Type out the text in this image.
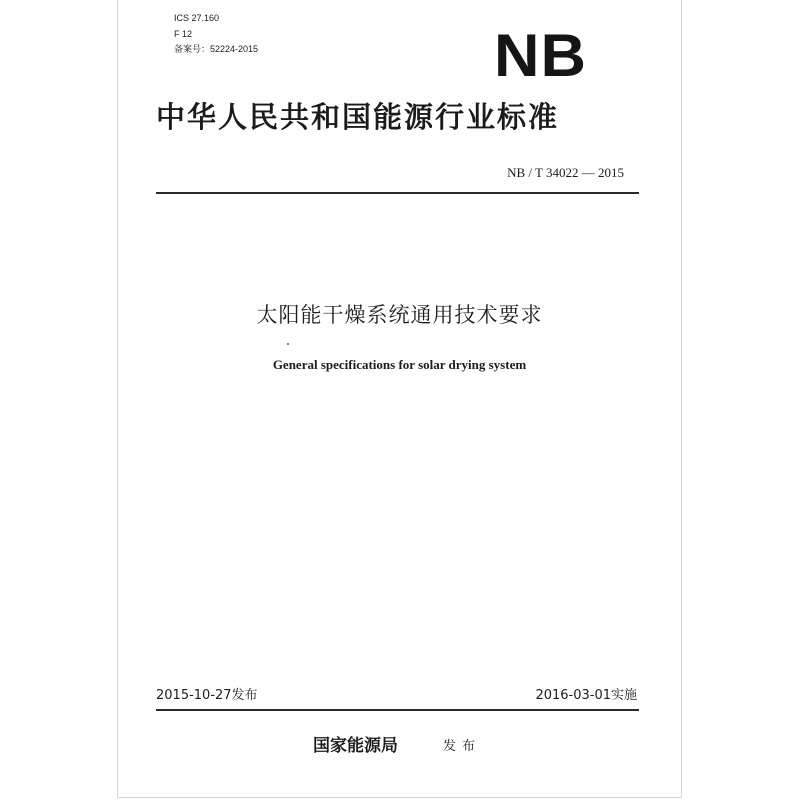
ICS 27.160
F 12
备案号：52224-2015	NB
中华人民共和国能源行业标准
NB / T 34022 — 2015
太阳能干燥系统通用技术要求
General specifications for solar drying system
2015-10-27发布	2016-03-01实施
国家能源局	发布
